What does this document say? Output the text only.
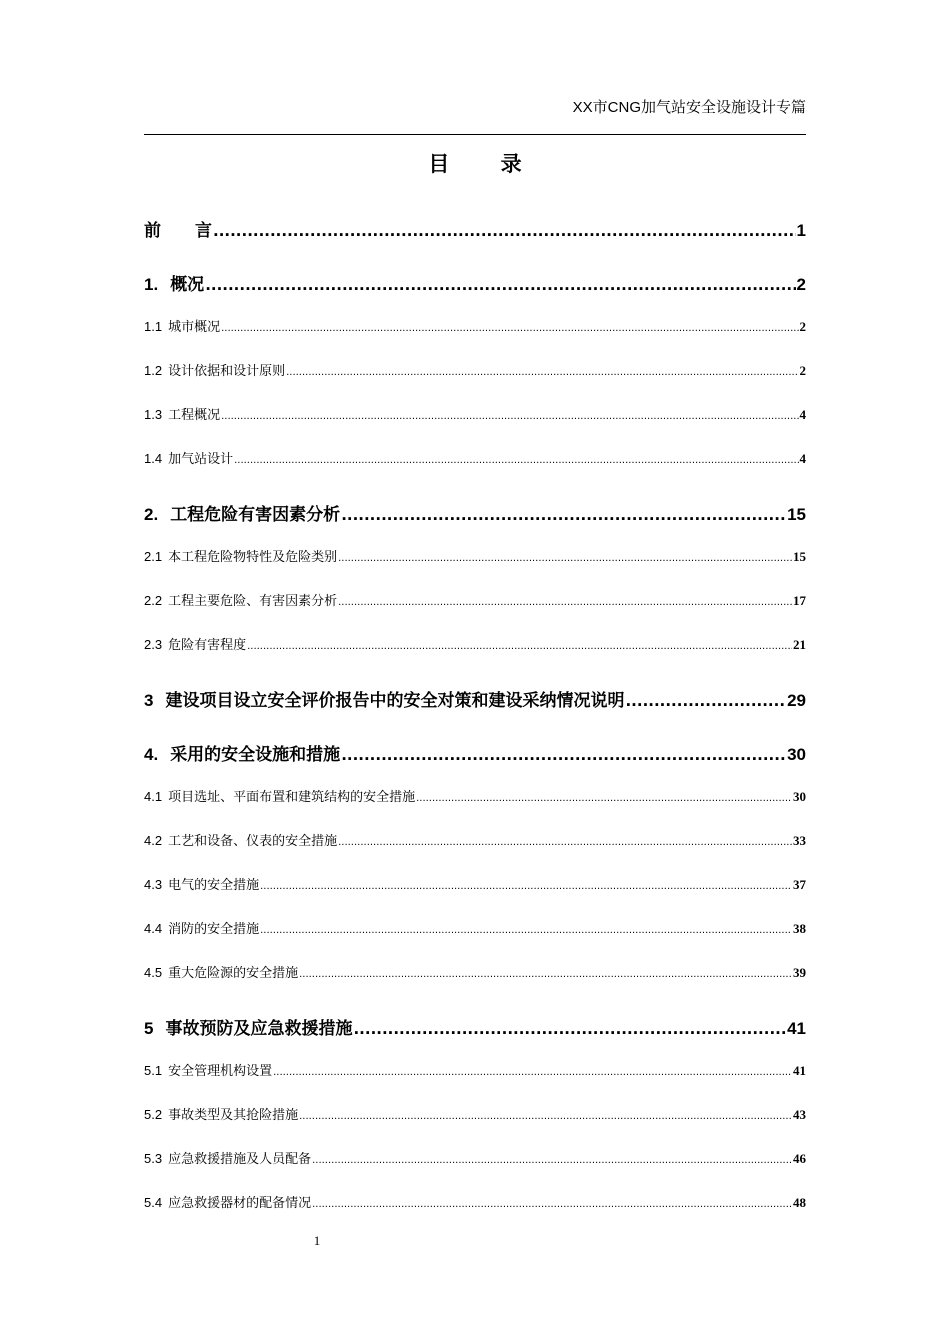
XX市CNG加气站安全设施设计专篇
目 录
前　　言 .....	1
1. 概况 .....	2
1.1 城市概况 .....	2
1.2 设计依据和设计原则 .....	2
1.3 工程概况 .....	4
1.4 加气站设计 .....	4
2. 工程危险有害因素分析 .....	15
2.1 本工程危险物特性及危险类别 .....	15
2.2 工程主要危险、有害因素分析 .....	17
2.3 危险有害程度 .....	21
3 建设项目设立安全评价报告中的安全对策和建设采纳情况说明 .....	29
4. 采用的安全设施和措施 .....	30
4.1 项目选址、平面布置和建筑结构的安全措施 .....	30
4.2 工艺和设备、仪表的安全措施 .....	33
4.3 电气的安全措施 .....	37
4.4 消防的安全措施 .....	38
4.5 重大危险源的安全措施 .....	39
5 事故预防及应急救援措施 .....	41
5.1 安全管理机构设置 .....	41
5.2 事故类型及其抢险措施 .....	43
5.3 应急救援措施及人员配备 .....	46
5.4 应急救援器材的配备情况 .....	48
1
